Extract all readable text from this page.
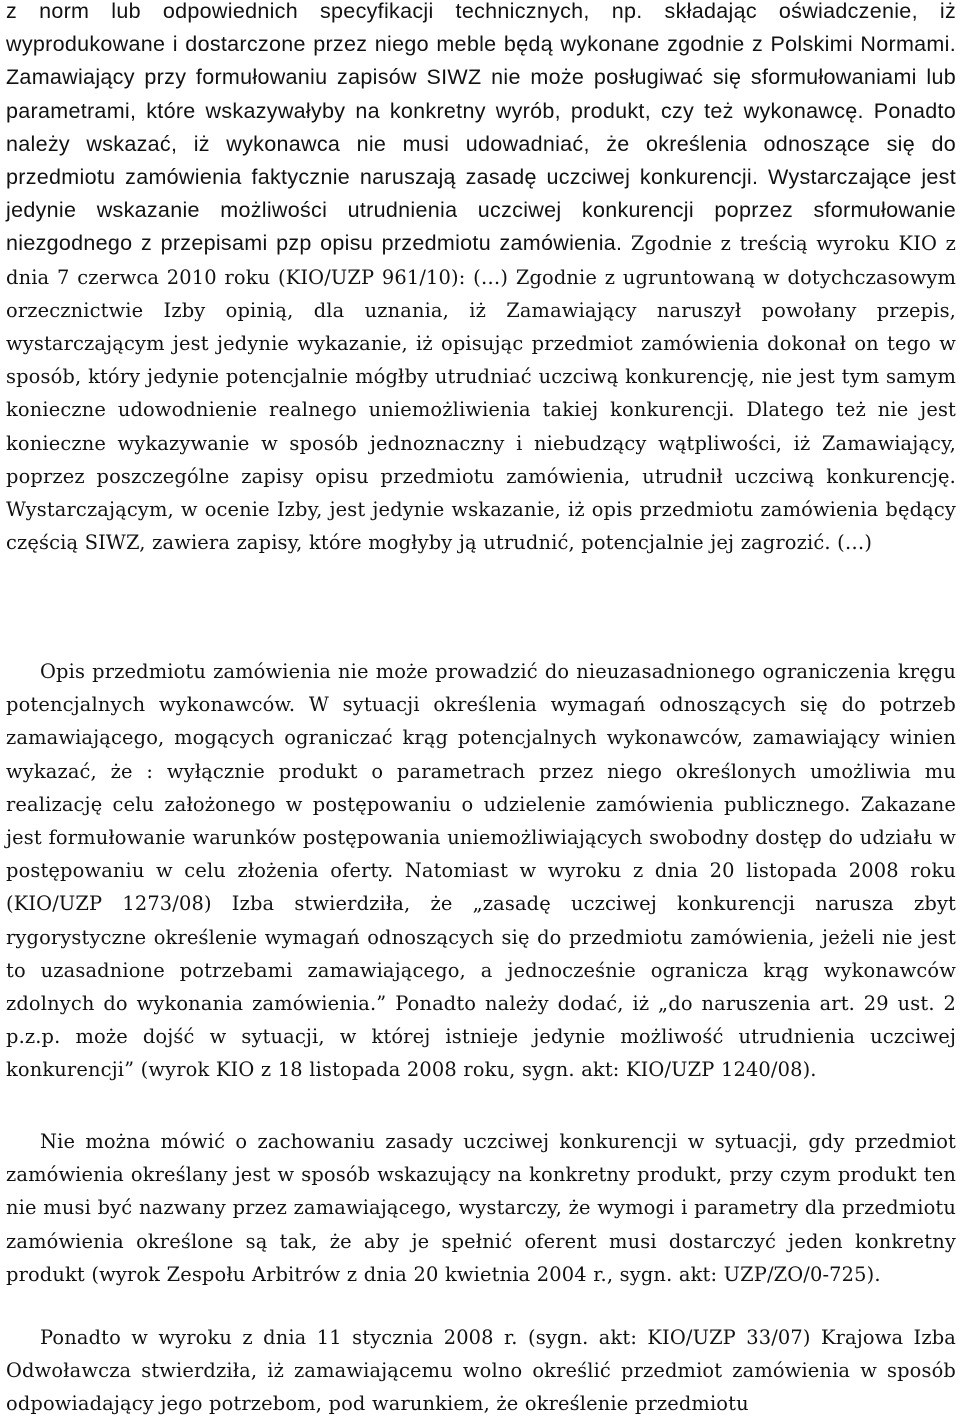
z norm lub odpowiednich specyfikacji technicznych, np. składając oświadczenie, iż wyprodukowane i dostarczone przez niego meble będą wykonane zgodnie z Polskimi Normami. Zamawiający przy formułowaniu zapisów SIWZ nie może posługiwać się sformułowaniami lub parametrami, które wskazywałyby na konkretny wyrób, produkt, czy też wykonawcę. Ponadto należy wskazać, iż wykonawca nie musi udowadniać, że określenia odnoszące się do przedmiotu zamówienia faktycznie naruszają zasadę uczciwej konkurencji. Wystarczające jest jedynie wskazanie możliwości utrudnienia uczciwej konkurencji poprzez sformułowanie niezgodnego z przepisami pzp opisu przedmiotu zamówienia. Zgodnie z treścią wyroku KIO z dnia 7 czerwca 2010 roku (KIO/UZP 961/10): (…) Zgodnie z ugruntowaną w dotychczasowym orzecznictwie Izby opinią, dla uznania, iż Zamawiający naruszył powołany przepis, wystarczającym jest jedynie wykazanie, iż opisując przedmiot zamówienia dokonał on tego w sposób, który jedynie potencjalnie mógłby utrudniać uczciwą konkurencję, nie jest tym samym konieczne udowodnienie realnego uniemożliwienia takiej konkurencji. Dlatego też nie jest konieczne wykazywanie w sposób jednoznaczny i niebudzący wątpliwości, iż Zamawiający, poprzez poszczególne zapisy opisu przedmiotu zamówienia, utrudnił uczciwą konkurencję. Wystarczającym, w ocenie Izby, jest jedynie wskazanie, iż opis przedmiotu zamówienia będący częścią SIWZ, zawiera zapisy, które mogłyby ją utrudnić, potencjalnie jej zagrozić. (…)

Opis przedmiotu zamówienia nie może prowadzić do nieuzasadnionego ograniczenia kręgu potencjalnych wykonawców. W sytuacji określenia wymagań odnoszących się do potrzeb zamawiającego, mogących ograniczać krąg potencjalnych wykonawców, zamawiający winien wykazać, że : wyłącznie produkt o parametrach przez niego określonych umożliwia mu realizację celu założonego w postępowaniu o udzielenie zamówienia publicznego. Zakazane jest formułowanie warunków postępowania uniemożliwiających swobodny dostęp do udziału w postępowaniu w celu złożenia oferty. Natomiast w wyroku z dnia 20 listopada 2008 roku (KIO/UZP 1273/08) Izba stwierdziła, że „zasadę uczciwej konkurencji narusza zbyt rygorystyczne określenie wymagań odnoszących się do przedmiotu zamówienia, jeżeli nie jest to uzasadnione potrzebami zamawiającego, a jednocześnie ogranicza krąg wykonawców zdolnych do wykonania zamówienia.” Ponadto należy dodać, iż „do naruszenia art. 29 ust. 2 p.z.p. może dojść w sytuacji, w której istnieje jedynie możliwość utrudnienia uczciwej konkurencji” (wyrok KIO z 18 listopada 2008 roku, sygn. akt: KIO/UZP 1240/08).

Nie można mówić o zachowaniu zasady uczciwej konkurencji w sytuacji, gdy przedmiot zamówienia określany jest w sposób wskazujący na konkretny produkt, przy czym produkt ten nie musi być nazwany przez zamawiającego, wystarczy, że wymogi i parametry dla przedmiotu zamówienia określone są tak, że aby je spełnić oferent musi dostarczyć jeden konkretny produkt (wyrok Zespołu Arbitrów z dnia 20 kwietnia 2004 r., sygn. akt: UZP/ZO/0-725).

Ponadto w wyroku z dnia 11 stycznia 2008 r. (sygn. akt: KIO/UZP 33/07) Krajowa Izba Odwoławcza stwierdziła, iż zamawiającemu wolno określić przedmiot zamówienia w sposób odpowiadający jego potrzebom, pod warunkiem, że określenie przedmiotu
